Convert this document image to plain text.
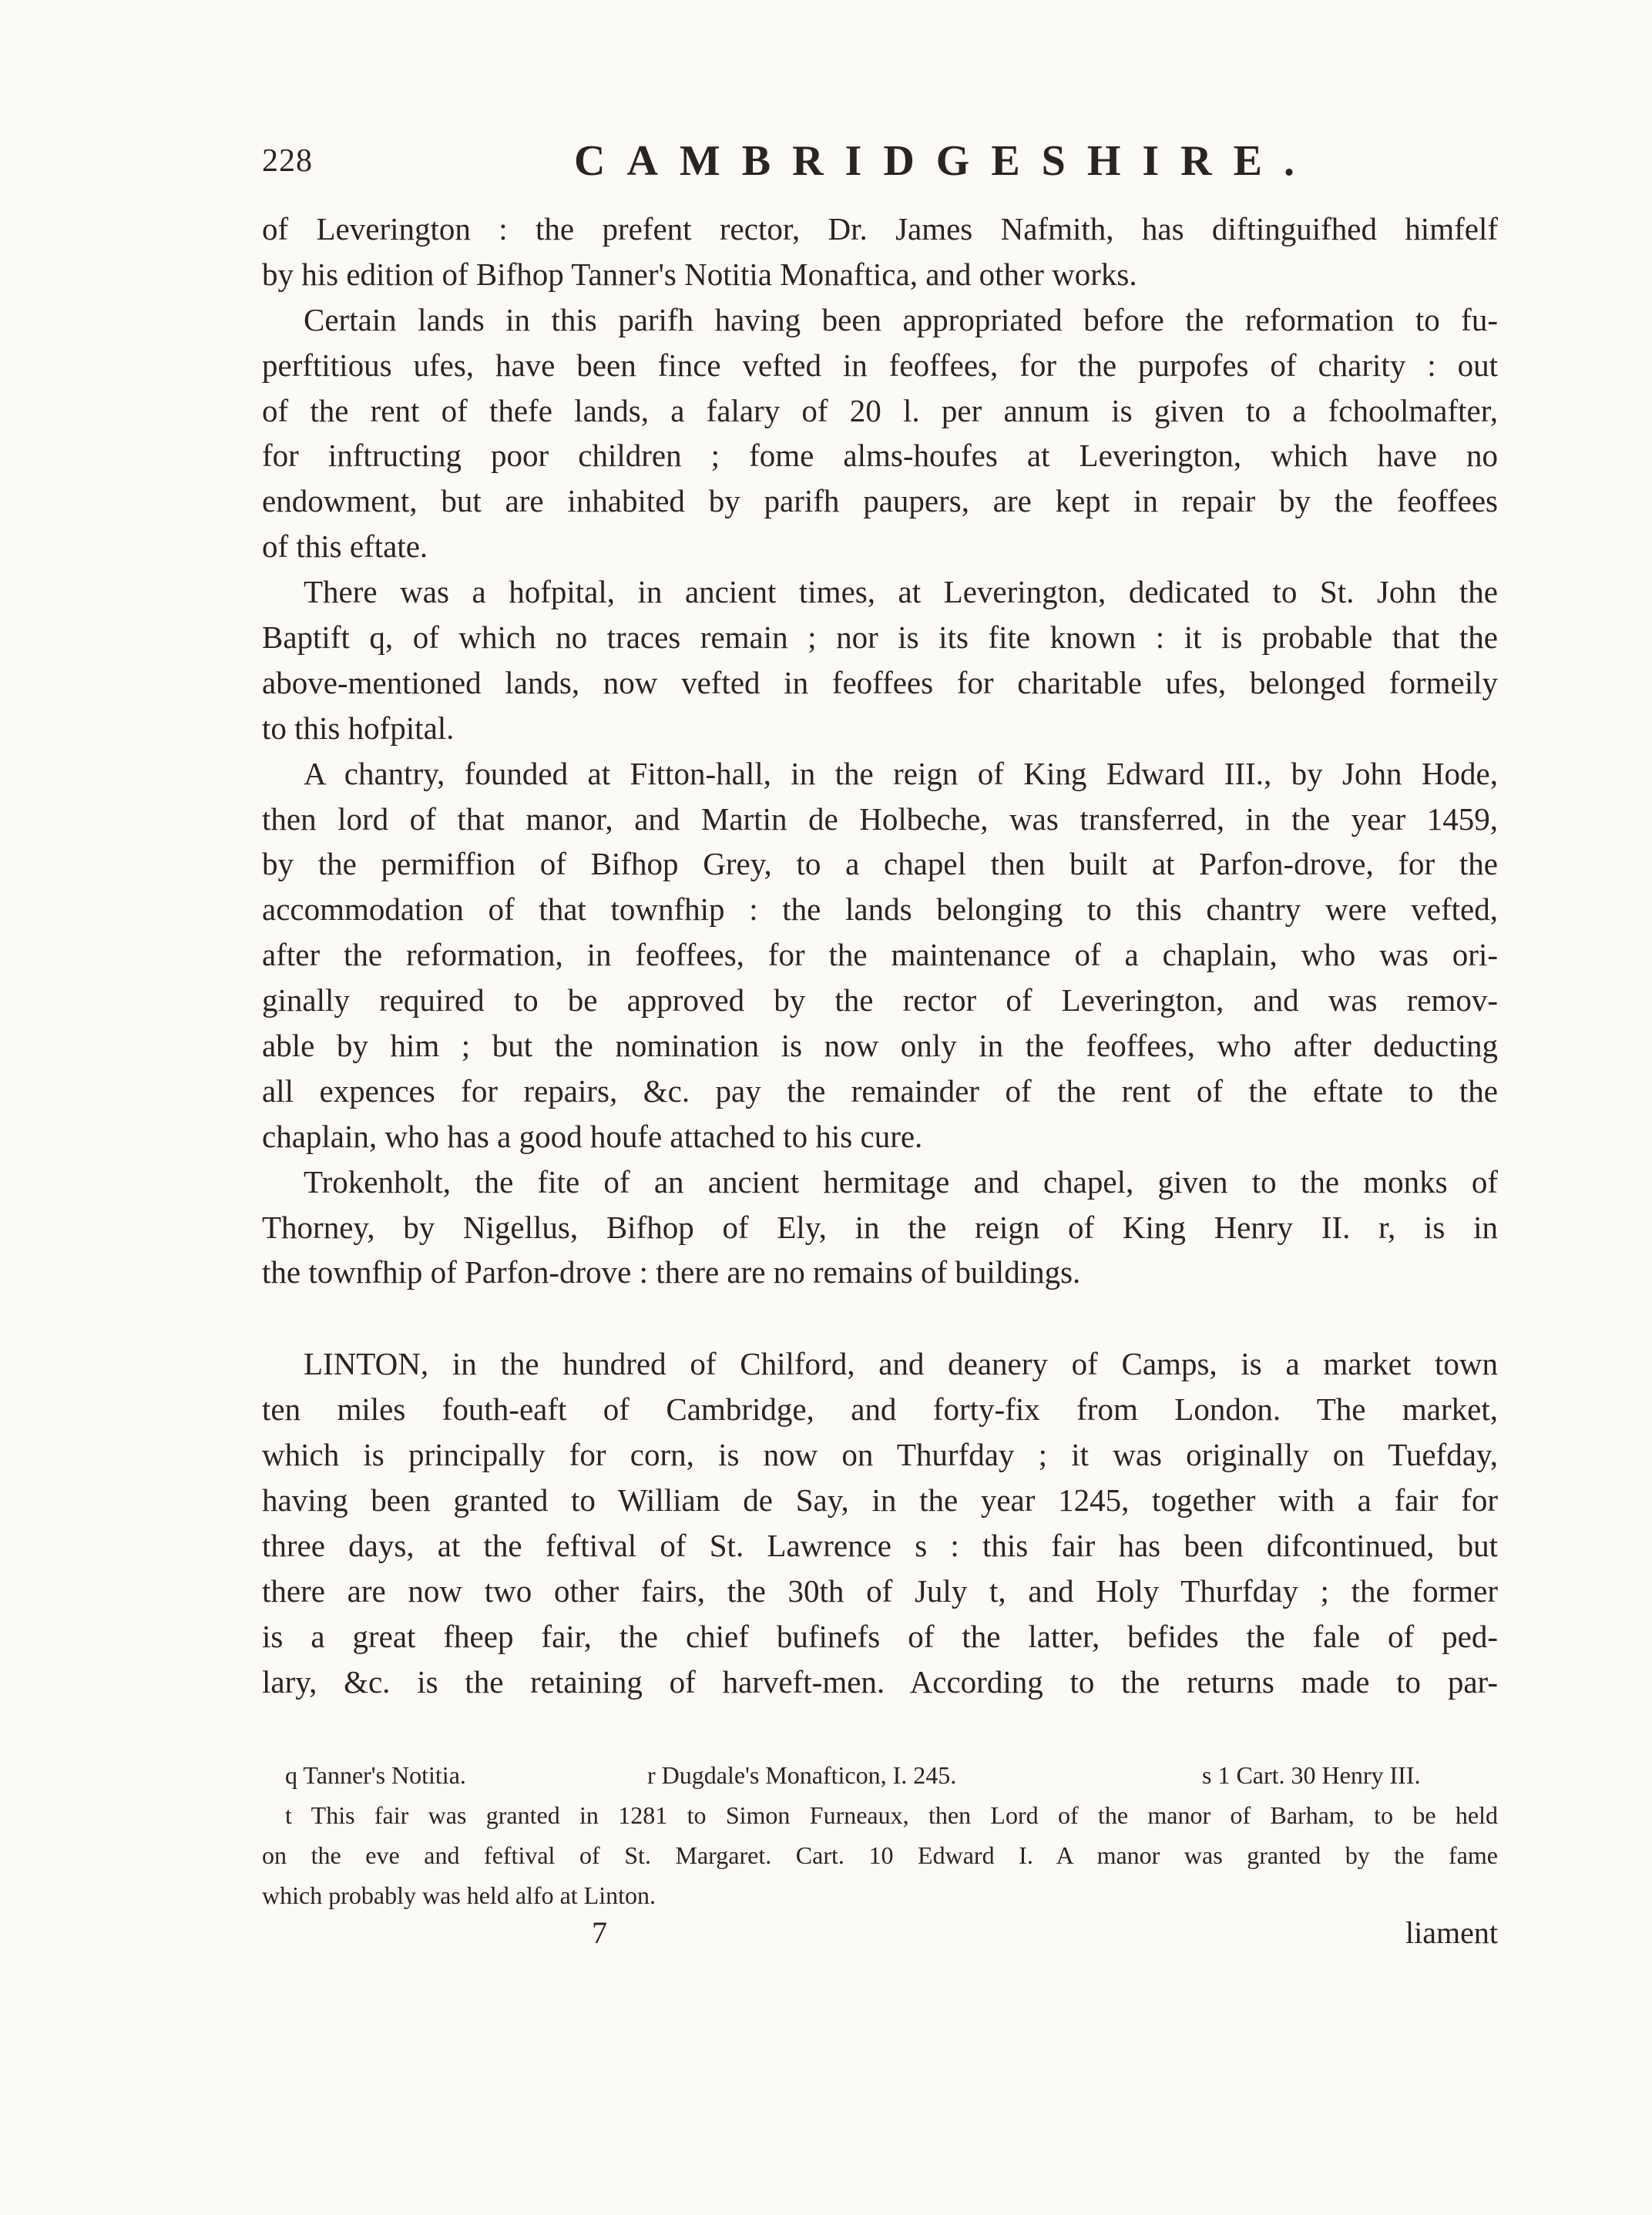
228	CAMBRIDGESHIRE.
of Leverington : the prefent rector, Dr. James Nafmith, has diftinguifhed himfelf
by his edition of Bifhop Tanner's Notitia Monaftica, and other works.
Certain lands in this parifh having been appropriated before the reformation to fu-
perftitious ufes, have been fince vefted in feoffees, for the purpofes of charity : out
of the rent of thefe lands, a falary of 20 l. per annum is given to a fchoolmafter,
for inftructing poor children ; fome alms-houfes at Leverington, which have no
endowment, but are inhabited by parifh paupers, are kept in repair by the feoffees
of this eftate.
There was a hofpital, in ancient times, at Leverington, dedicated to St. John the
Baptift q, of which no traces remain ; nor is its fite known : it is probable that the
above-mentioned lands, now vefted in feoffees for charitable ufes, belonged formeily
to this hofpital.
A chantry, founded at Fitton-hall, in the reign of King Edward III., by John Hode,
then lord of that manor, and Martin de Holbeche, was transferred, in the year 1459,
by the permiffion of Bifhop Grey, to a chapel then built at Parfon-drove, for the
accommodation of that townfhip : the lands belonging to this chantry were vefted,
after the reformation, in feoffees, for the maintenance of a chaplain, who was ori-
ginally required to be approved by the rector of Leverington, and was remov-
able by him ; but the nomination is now only in the feoffees, who after deducting
all expences for repairs, &c. pay the remainder of the rent of the eftate to the
chaplain, who has a good houfe attached to his cure.
Trokenholt, the fite of an ancient hermitage and chapel, given to the monks of
Thorney, by Nigellus, Bifhop of Ely, in the reign of King Henry II. r, is in
the townfhip of Parfon-drove : there are no remains of buildings.
LINTON, in the hundred of Chilford, and deanery of Camps, is a market town
ten miles fouth-eaft of Cambridge, and forty-fix from London. The market,
which is principally for corn, is now on Thurfday ; it was originally on Tuefday,
having been granted to William de Say, in the year 1245, together with a fair for
three days, at the feftival of St. Lawrence s : this fair has been difcontinued, but
there are now two other fairs, the 30th of July t, and Holy Thurfday ; the former
is a great fheep fair, the chief bufinefs of the latter, befides the fale of ped-
lary, &c. is the retaining of harveft-men. According to the returns made to par-
q Tanner's Notitia.	r Dugdale's Monafticon, I. 245.	s 1 Cart. 30 Henry III.
t This fair was granted in 1281 to Simon Furneaux, then Lord of the manor of Barham, to be held
on the eve and feftival of St. Margaret. Cart. 10 Edward I. A manor was granted by the fame
which probably was held alfo at Linton.
7	liament
